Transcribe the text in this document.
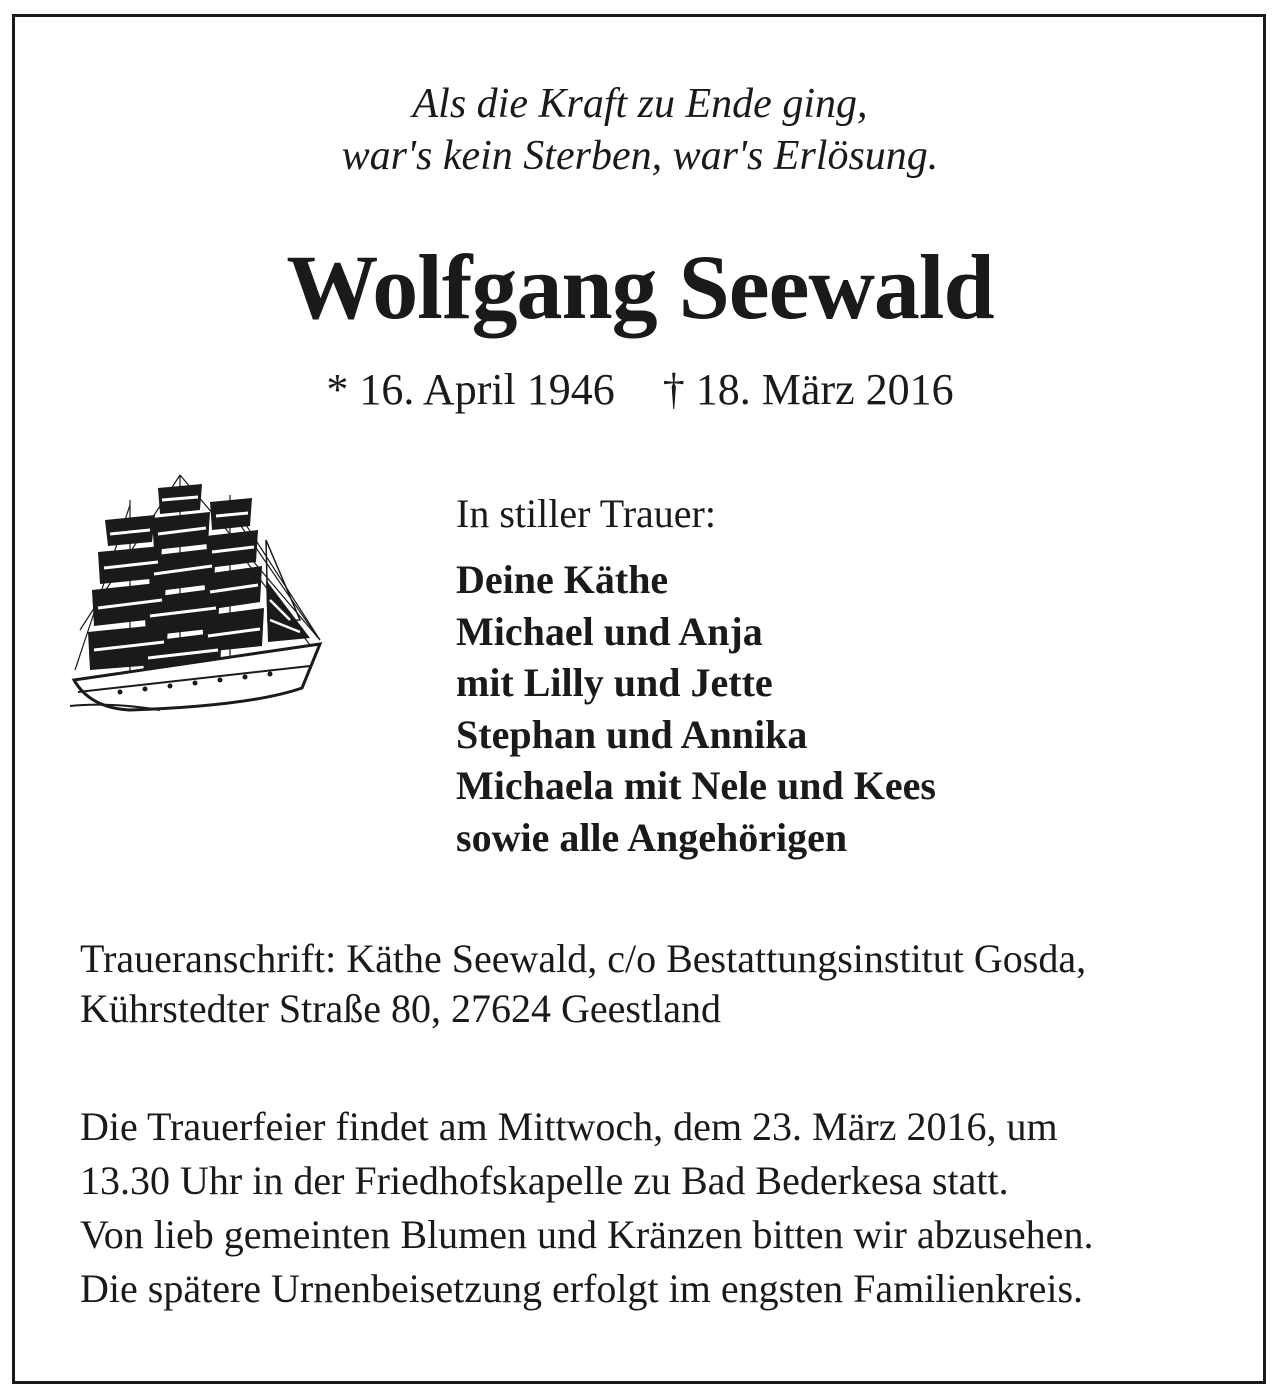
Als die Kraft zu Ende ging,
war's kein Sterben, war's Erlösung.
Wolfgang Seewald
* 16. April 1946 † 18. März 2016
In stiller Trauer:
Deine Käthe
Michael und Anja
mit Lilly und Jette
Stephan und Annika
Michaela mit Nele und Kees
sowie alle Angehörigen
Traueranschrift: Käthe Seewald, c/o Bestattungsinstitut Gosda,
Kührstedter Straße 80, 27624 Geestland
Die Trauerfeier findet am Mittwoch, dem 23. März 2016, um
13.30 Uhr in der Friedhofskapelle zu Bad Bederkesa statt.
Von lieb gemeinten Blumen und Kränzen bitten wir abzusehen.
Die spätere Urnenbeisetzung erfolgt im engsten Familienkreis.
